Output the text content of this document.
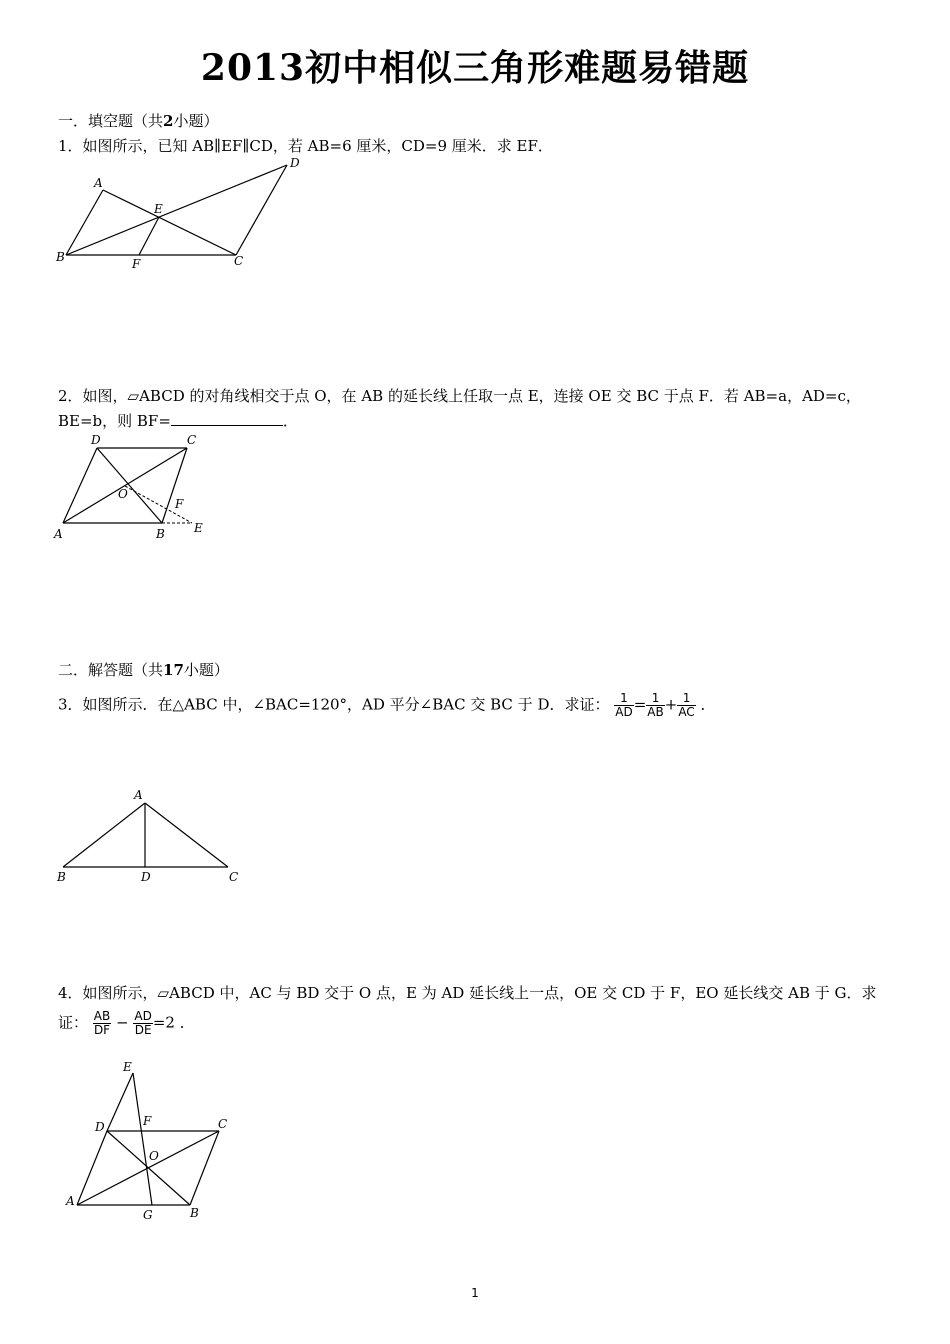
2013初中相似三角形难题易错题
一．填空题（共2小题）
1．如图所示，已知 AB∥EF∥CD，若 AB=6 厘米，CD=9 厘米．求 EF．
A
B	C
D
E
F
2．如图，▱ABCD 的对角线相交于点 O，在 AB 的延长线上任取一点 E，连接 OE 交 BC 于点 F．若 AB=a，AD=c，
BE=b，则 BF=	．
A	B
C
D
E
F
O
二．解答题（共17小题）
3．如图所示．在△ABC 中，∠BAC=120°，AD 平分∠BAC 交 BC 于 D．求证： $\frac{1}{AD} = \frac{1}{AB} + \frac{1}{AC}$ ．
A
B	C
D
4．如图所示，▱ABCD 中，AC 与 BD 交于 O 点，E 为 AD 延长线上一点，OE 交 CD 于 F，EO 延长线交 AB 于 G．求
证： $\frac{AB}{DF} - \frac{AD}{DE} =2$ ．
A
B
C
D
E
F
G
O
1
